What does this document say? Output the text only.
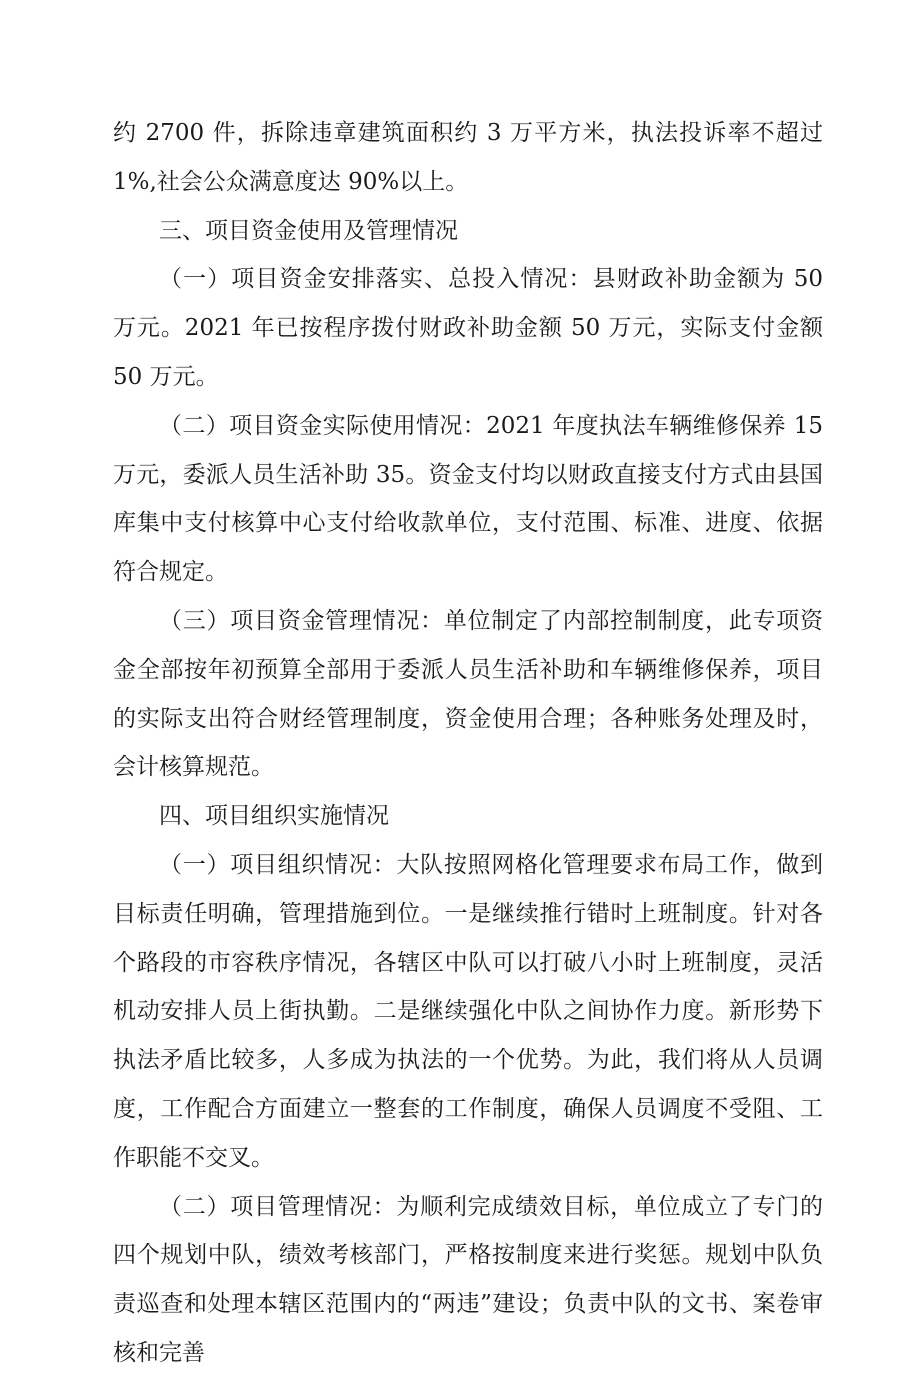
约 2700 件，拆除违章建筑面积约 3 万平方米，执法投诉率不超过 1%,社会公众满意度达 90%以上。

三、项目资金使用及管理情况

（一）项目资金安排落实、总投入情况：县财政补助金额为 50 万元。2021 年已按程序拨付财政补助金额 50 万元，实际支付金额 50 万元。

（二）项目资金实际使用情况：2021 年度执法车辆维修保养 15 万元，委派人员生活补助 35。资金支付均以财政直接支付方式由县国库集中支付核算中心支付给收款单位，支付范围、标准、进度、依据符合规定。

（三）项目资金管理情况：单位制定了内部控制制度，此专项资金全部按年初预算全部用于委派人员生活补助和车辆维修保养，项目的实际支出符合财经管理制度，资金使用合理；各种账务处理及时，会计核算规范。

四、项目组织实施情况

（一）项目组织情况：大队按照网格化管理要求布局工作，做到目标责任明确，管理措施到位。一是继续推行错时上班制度。针对各个路段的市容秩序情况，各辖区中队可以打破八小时上班制度，灵活机动安排人员上街执勤。二是继续强化中队之间协作力度。新形势下执法矛盾比较多，人多成为执法的一个优势。为此，我们将从人员调度，工作配合方面建立一整套的工作制度，确保人员调度不受阻、工作职能不交叉。

（二）项目管理情况：为顺利完成绩效目标，单位成立了专门的四个规划中队，绩效考核部门，严格按制度来进行奖惩。规划中队负责巡查和处理本辖区范围内的“两违”建设；负责中队的文书、案卷审核和完善
